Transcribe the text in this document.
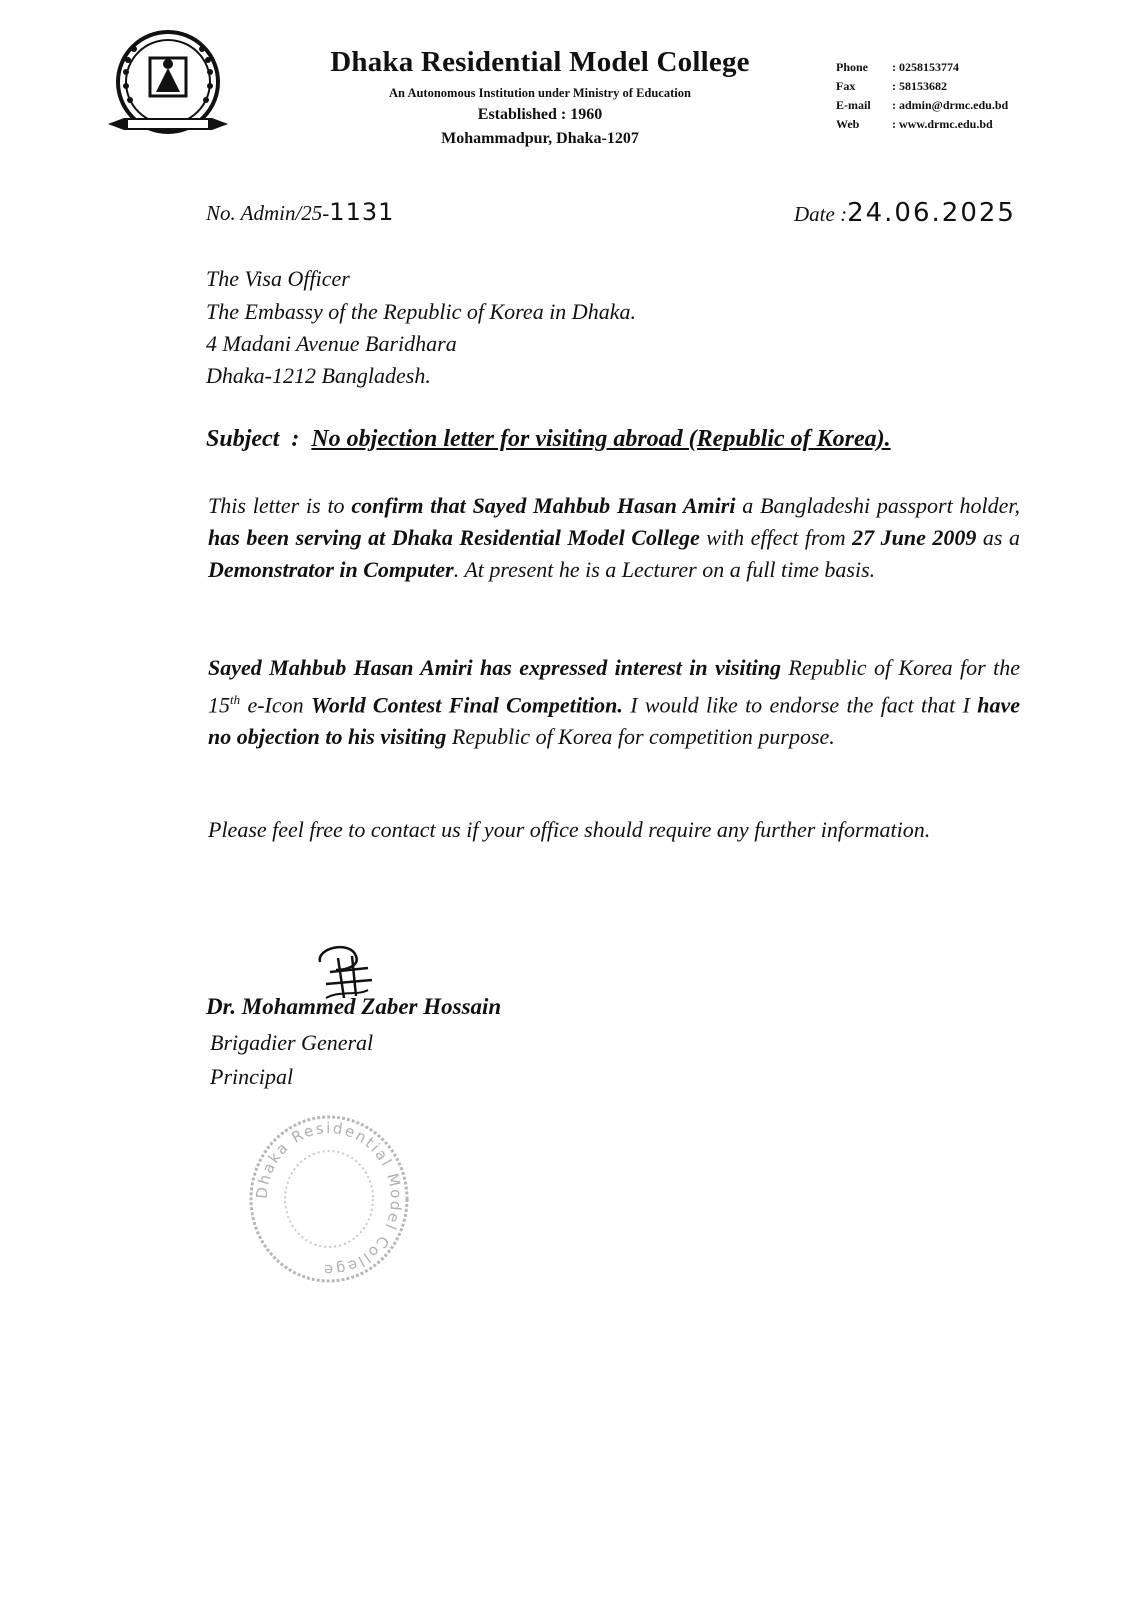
Dhaka Residential Model College
An Autonomous Institution under Ministry of Education
Established : 1960
Mohammadpur, Dhaka-1207
Phone : 0258153774
Fax	: 58153682
E-mail : admin@drmc.edu.bd
Web	: www.drmc.edu.bd
No. Admin/25-1131	Date :24.06.2025
The Visa Officer
The Embassy of the Republic of Korea in Dhaka.
4 Madani Avenue Baridhara
Dhaka-1212 Bangladesh.
Subject : No objection letter for visiting abroad (Republic of Korea).
This letter is to confirm that Sayed Mahbub Hasan Amiri a Bangladeshi passport holder, has been serving at Dhaka Residential Model College with effect from 27 June 2009 as a Demonstrator in Computer. At present he is a Lecturer on a full time basis.
Sayed Mahbub Hasan Amiri has expressed interest in visiting Republic of Korea for the 15th e-Icon World Contest Final Competition. I would like to endorse the fact that I have no objection to his visiting Republic of Korea for competition purpose.
Please feel free to contact us if your office should require any further information.
Dr. Mohammed Zaber Hossain
Brigadier General
Principal
Dhaka Residential Model College
